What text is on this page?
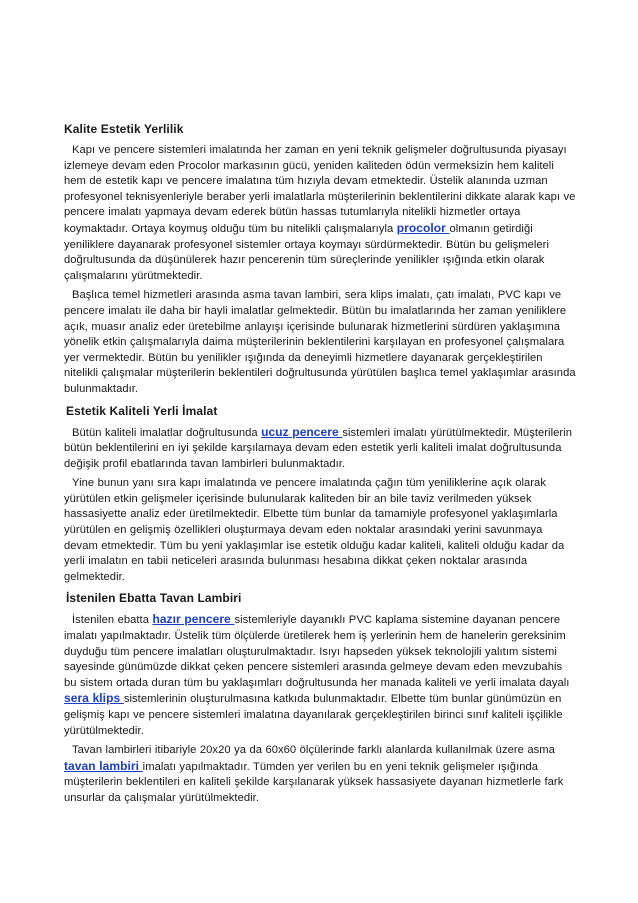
Kalite Estetik Yerlilik

Kapı ve pencere sistemleri imalatında her zaman en yeni teknik gelişmeler doğrultusunda piyasayı izlemeye devam eden Procolor markasının gücü, yeniden kaliteden ödün vermeksizin hem kaliteli hem de estetik kapı ve pencere imalatına tüm hızıyla devam etmektedir. Üstelik alanında uzman profesyonel teknisyenleriyle beraber yerli imalatlarla müşterilerinin beklentilerini dikkate alarak kapı ve pencere imalatı yapmaya devam ederek bütün hassas tutumlarıyla nitelikli hizmetler ortaya koymaktadır. Ortaya koymuş olduğu tüm bu nitelikli çalışmalarıyla procolor olmanın getirdiği yeniliklere dayanarak profesyonel sistemler ortaya koymayı sürdürmektedir. Bütün bu gelişmeleri doğrultusunda da düşünülerek hazır pencerenin tüm süreçlerinde yenilikler ışığında etkin olarak çalışmalarını yürütmektedir.

Başlıca temel hizmetleri arasında asma tavan lambiri, sera klips imalatı, çatı imalatı, PVC kapı ve pencere imalatı ile daha bir hayli imalatlar gelmektedir. Bütün bu imalatlarında her zaman yeniliklere açık, muasır analiz eder üretebilme anlayışı içerisinde bulunarak hizmetlerini sürdüren yaklaşımına yönelik etkin çalışmalarıyla daima müşterilerinin beklentilerini karşılayan en profesyonel çalışmalara yer vermektedir. Bütün bu yenilikler ışığında da deneyimli hizmetlere dayanarak gerçekleştirilen nitelikli çalışmalar müşterilerin beklentileri doğrultusunda yürütülen başlıca temel yaklaşımlar arasında bulunmaktadır.

Estetik Kaliteli Yerli İmalat

Bütün kaliteli imalatlar doğrultusunda ucuz pencere sistemleri imalatı yürütülmektedir. Müşterilerin bütün beklentilerini en iyi şekilde karşılamaya devam eden estetik yerli kaliteli imalat doğrultusunda değişik profil ebatlarında tavan lambirleri bulunmaktadır.

Yine bunun yanı sıra kapı imalatında ve pencere imalatında çağın tüm yeniliklerine açık olarak yürütülen etkin gelişmeler içerisinde bulunularak kaliteden bir an bile taviz verilmeden yüksek hassasiyette analiz eder üretilmektedir. Elbette tüm bunlar da tamamiyle profesyonel yaklaşımlarla yürütülen en gelişmiş özellikleri oluşturmaya devam eden noktalar arasındaki yerini savunmaya devam etmektedir. Tüm bu yeni yaklaşımlar ise estetik olduğu kadar kaliteli, kaliteli olduğu kadar da yerli imalatın en tabii neticeleri arasında bulunması hesabına dikkat çeken noktalar arasında gelmektedir.

İstenilen Ebatta Tavan Lambiri

İstenilen ebatta hazır pencere sistemleriyle dayanıklı PVC kaplama sistemine dayanan pencere imalatı yapılmaktadır. Üstelik tüm ölçülerde üretilerek hem iş yerlerinin hem de hanelerin gereksinim duyduğu tüm pencere imalatları oluşturulmaktadır. Isıyı hapseden yüksek teknolojili yalıtım sistemi sayesinde günümüzde dikkat çeken pencere sistemleri arasında gelmeye devam eden mevzubahis bu sistem ortada duran tüm bu yaklaşımları doğrultusunda her manada kaliteli ve yerli imalata dayalı sera klips sistemlerinin oluşturulmasına katkıda bulunmaktadır. Elbette tüm bunlar günümüzün en gelişmiş kapı ve pencere sistemleri imalatına dayanılarak gerçekleştirilen birinci sınıf kaliteli işçilikle yürütülmektedir.

Tavan lambirleri itibariyle 20x20 ya da 60x60 ölçülerinde farklı alanlarda kullanılmak üzere asma tavan lambiri imalatı yapılmaktadır. Tümden yer verilen bu en yeni teknik gelişmeler ışığında müşterilerin beklentileri en kaliteli şekilde karşılanarak yüksek hassasiyete dayanan hizmetlerle fark unsurlar da çalışmalar yürütülmektedir.
